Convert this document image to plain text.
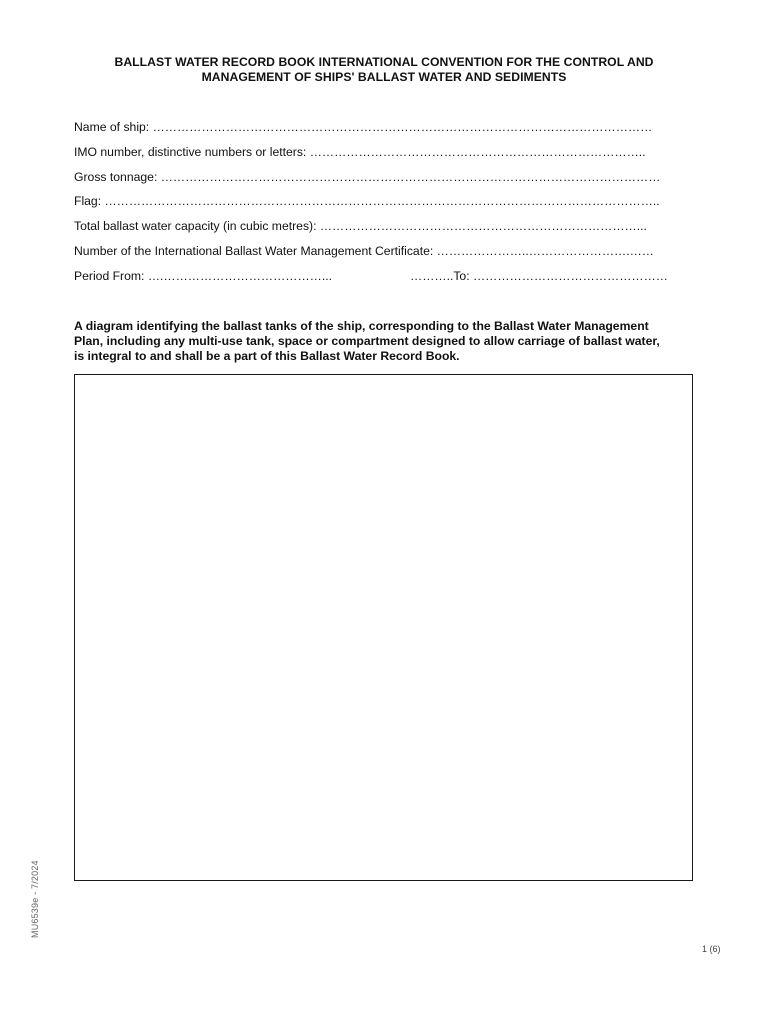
BALLAST WATER RECORD BOOK INTERNATIONAL CONVENTION FOR THE CONTROL AND
MANAGEMENT OF SHIPS' BALLAST WATER AND SEDIMENTS
Name of ship: ……………………………………………………………………………………………………………
IMO number, distinctive numbers or letters: ………………………………………………………………………..
Gross tonnage: ……………………………………………………………………………………………………………
Flag: ………………………………………………………………………………………………………………………..
Total ballast water capacity (in cubic metres): ……………………………………………………………………...
Number of the International Ballast Water Management Certificate: …………………..…………………….……
Period From: ….…………………………………...	………..To: …………………………………………
A diagram identifying the ballast tanks of the ship, corresponding to the Ballast Water Management
Plan, including any multi-use tank, space or compartment designed to allow carriage of ballast water,
is integral to and shall be a part of this Ballast Water Record Book.
MU6539e - 7/2024
1 (6)
